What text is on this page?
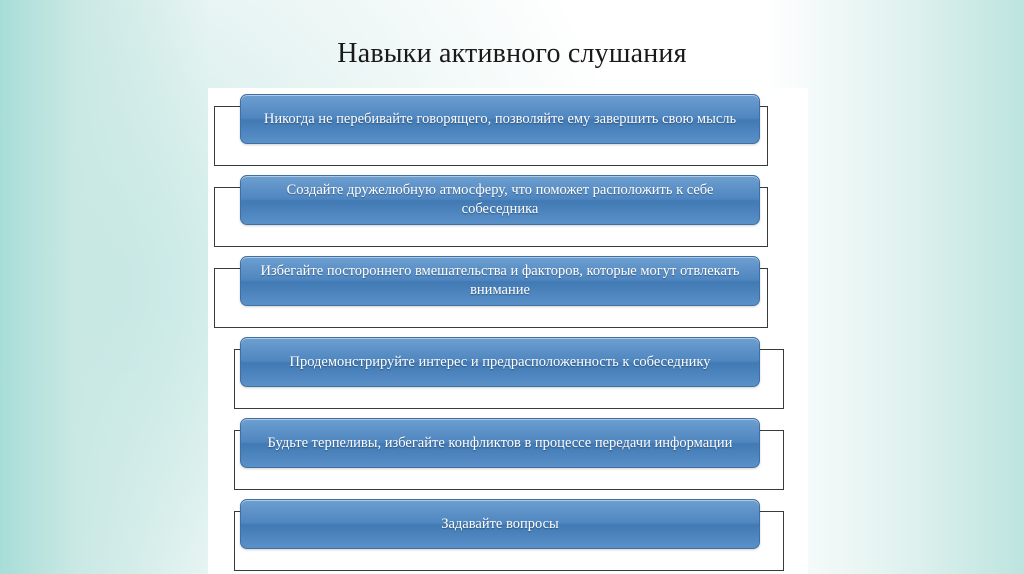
Навыки активного слушания
Никогда не перебивайте говорящего, позволяйте ему завершить свою мысль
Создайте дружелюбную атмосферу, что поможет расположить к себе собеседника
Избегайте постороннего вмешательства и факторов, которые могут отвлекать внимание
Продемонстрируйте интерес и предрасположенность к собеседнику
Будьте терпеливы, избегайте конфликтов в процессе передачи информации
Задавайте вопросы
